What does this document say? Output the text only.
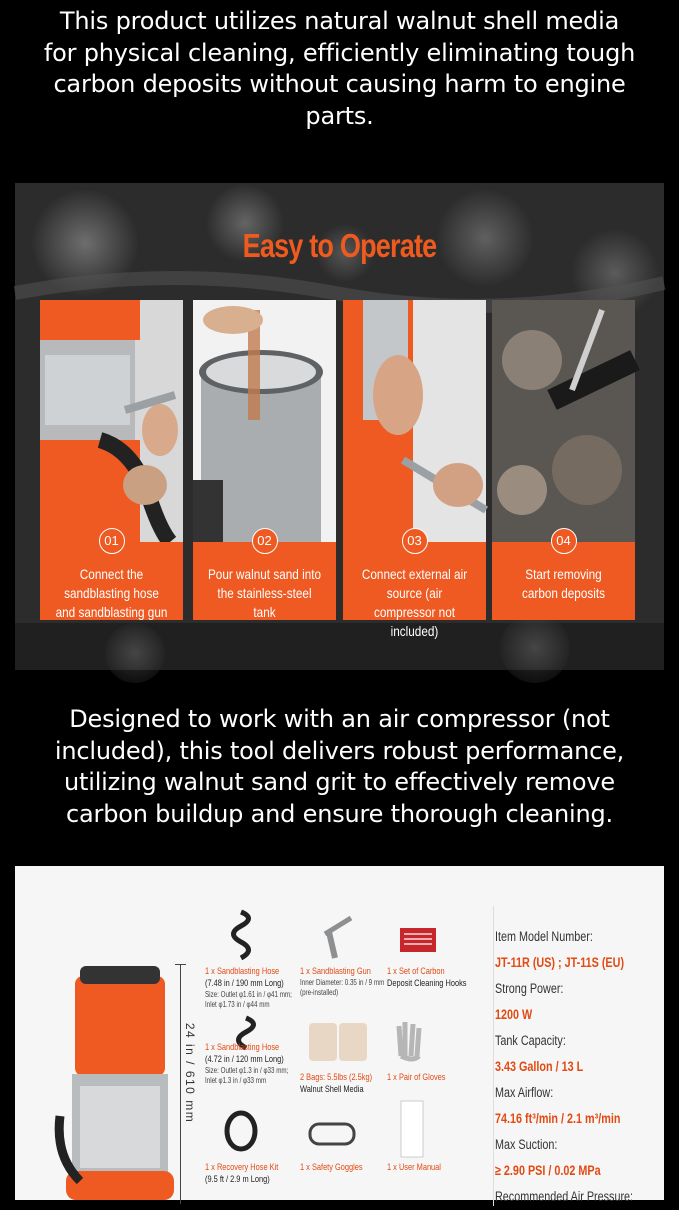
This product utilizes natural walnut shell media for physical cleaning, efficiently eliminating tough carbon deposits without causing harm to engine parts.

Easy to Operate
01
Connect the sandblasting hose and sandblasting gun
02
Pour walnut sand into the stainless-steel tank
03
Connect external air source (air compressor not included)
04
Start removing carbon deposits

Designed to work with an air compressor (not included), this tool delivers robust performance, utilizing walnut sand grit to effectively remove carbon buildup and ensure thorough cleaning.

24 in / 610 mm
1 x Sandblasting Hose
(7.48 in / 190 mm Long)
Size: Outlet φ1.61 in / φ41 mm;
Inlet φ1.73 in / φ44 mm
1 x Sandblasting Gun
Inner Diameter: 0.35 in / 9 mm
(pre-installed)
1 x Set of Carbon
Deposit Cleaning Hooks
1 x Sandblasting Hose
(4.72 in / 120 mm Long)
Size: Outlet φ1.3 in / φ33 mm;
Inlet φ1.3 in / φ33 mm	2 Bags: 5.5lbs (2.5kg)
Walnut Shell Media
1 x Pair of Gloves
1 x Recovery Hose Kit
(9.5 ft / 2.9 m Long)
1 x Safety Goggles	1 x User Manual
Item Model Number:
JT-11R (US) ; JT-11S (EU)
Strong Power:
1200 W
Tank Capacity:
3.43 Gallon / 13 L
Max Airflow:
74.16 ft³/min / 2.1 m³/min
Max Suction:
≥ 2.90 PSI / 0.02 MPa
Recommended Air Pressure:
